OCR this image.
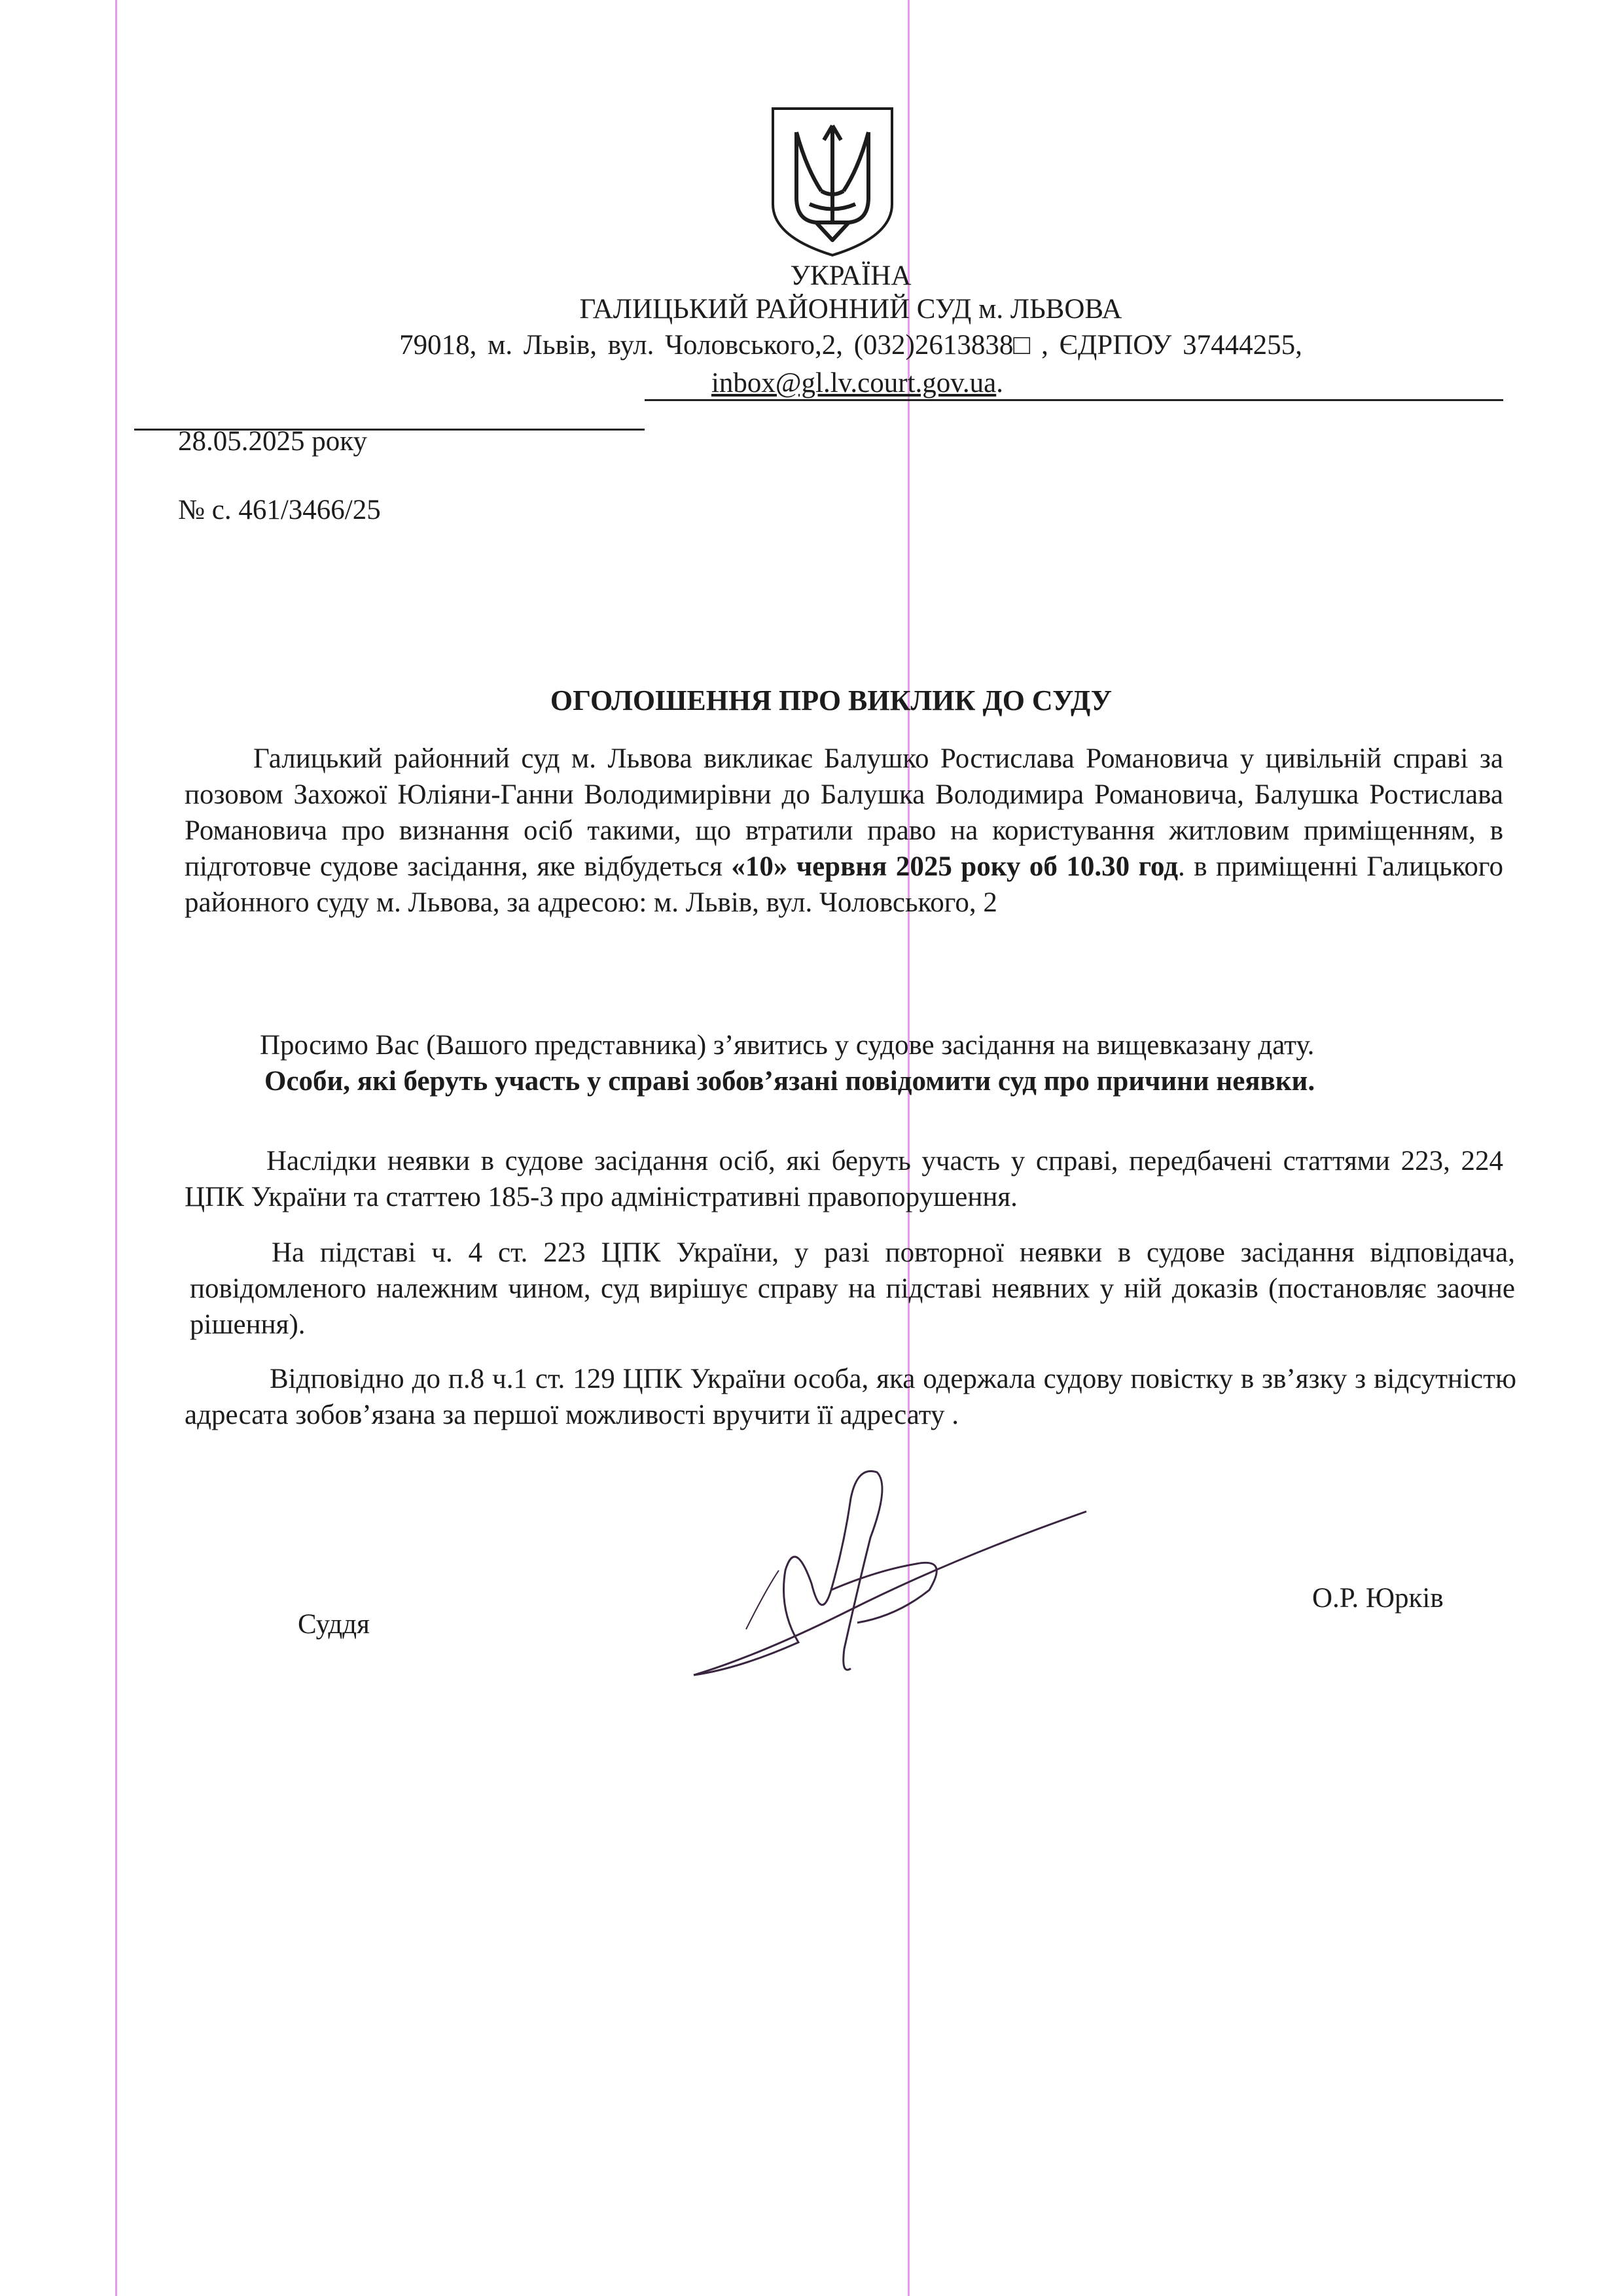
УКРАЇНА
ГАЛИЦЬКИЙ РАЙОННИЙ СУД м. ЛЬВОВА
79018, м. Львів, вул. Чоловського,2, (032)2613838□ , ЄДРПОУ 37444255,
inbox@gl.lv.court.gov.ua.
28.05.2025 року
№ с. 461/3466/25
ОГОЛОШЕННЯ ПРО ВИКЛИК ДО СУДУ
Галицький районний суд м. Львова викликає Балушко Ростислава Романовича у цивільній справі за позовом Захожої Юліяни-Ганни Володимирівни до Балушка Володимира Романовича, Балушка Ростислава Романовича про визнання осіб такими, що втратили право на користування житловим приміщенням, в підготовче судове засідання, яке відбудеться «10» червня 2025 року об 10.30 год. в приміщенні Галицького районного суду м. Львова, за адресою: м. Львів, вул. Чоловського, 2
Просимо Вас (Вашого представника) з’явитись у судове засідання на вищевказану дату.
Особи, які беруть участь у справі зобов’язані повідомити суд про причини неявки.
Наслідки неявки в судове засідання осіб, які беруть участь у справі, передбачені статтями 223, 224 ЦПК України та статтею 185-3 про адміністративні правопорушення.
На підставі ч. 4 ст. 223 ЦПК України, у разі повторної неявки в судове засідання відповідача, повідомленого належним чином, суд вирішує справу на підставі неявних у ній доказів (постановляє заочне рішення).
Відповідно до п.8 ч.1 ст. 129 ЦПК України особа, яка одержала судову повістку в зв’язку з відсутністю адресата зобов’язана за першої можливості вручити її адресату .
Суддя
О.Р. Юрків
